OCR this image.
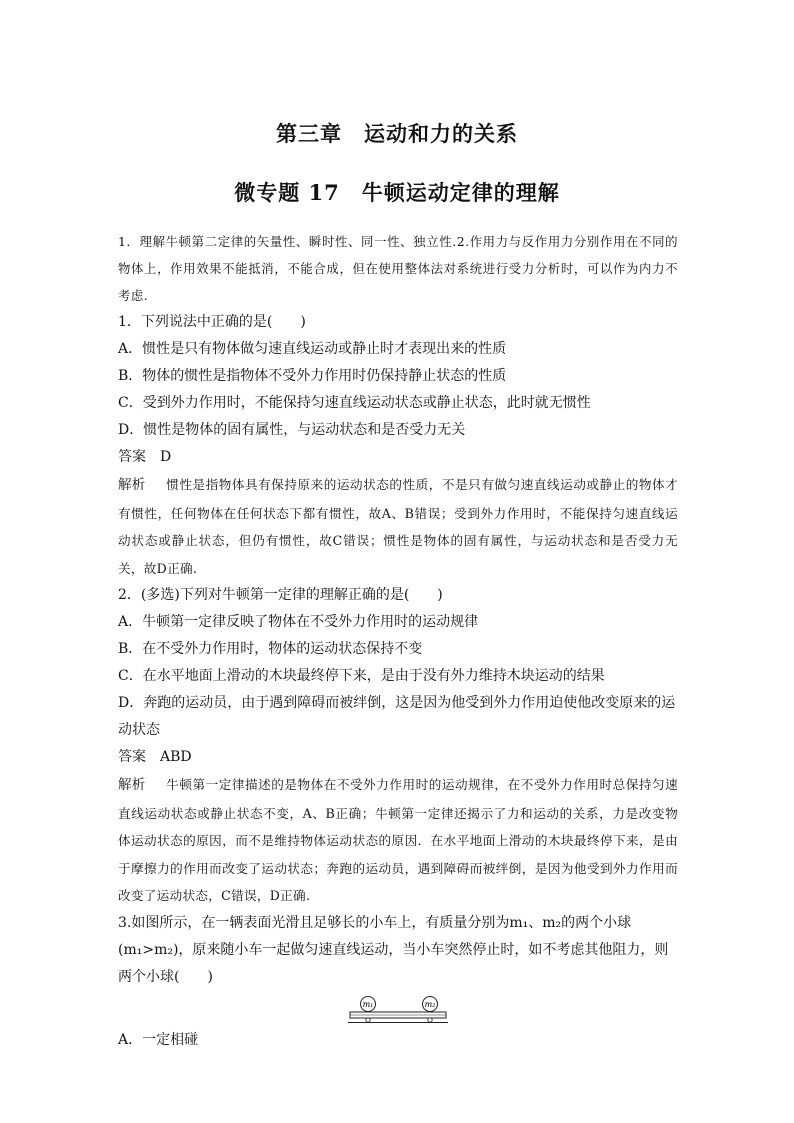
第三章　运动和力的关系
微专题 17　牛顿运动定律的理解

1．理解牛顿第二定律的矢量性、瞬时性、同一性、独立性.2.作用力与反作用力分别作用在不同的物体上，作用效果不能抵消，不能合成，但在使用整体法对系统进行受力分析时，可以作为内力不考虑.

1．下列说法中正确的是(　　)

A．惯性是只有物体做匀速直线运动或静止时才表现出来的性质

B．物体的惯性是指物体不受外力作用时仍保持静止状态的性质

C．受到外力作用时，不能保持匀速直线运动状态或静止状态，此时就无惯性

D．惯性是物体的固有属性，与运动状态和是否受力无关

答案 D

解析 惯性是指物体具有保持原来的运动状态的性质，不是只有做匀速直线运动或静止的物体才有惯性，任何物体在任何状态下都有惯性，故A、B错误；受到外力作用时，不能保持匀速直线运动状态或静止状态，但仍有惯性，故C错误；惯性是物体的固有属性，与运动状态和是否受力无关，故D正确.

2．(多选)下列对牛顿第一定律的理解正确的是(　　)

A．牛顿第一定律反映了物体在不受外力作用时的运动规律

B．在不受外力作用时，物体的运动状态保持不变

C．在水平地面上滑动的木块最终停下来，是由于没有外力维持木块运动的结果

D．奔跑的运动员，由于遇到障碍而被绊倒，这是因为他受到外力作用迫使他改变原来的运动状态

答案 ABD

解析 牛顿第一定律描述的是物体在不受外力作用时的运动规律，在不受外力作用时总保持匀速直线运动状态或静止状态不变，A、B正确；牛顿第一定律还揭示了力和运动的关系，力是改变物体运动状态的原因，而不是维持物体运动状态的原因．在水平地面上滑动的木块最终停下来，是由于摩擦力的作用而改变了运动状态；奔跑的运动员，遇到障碍而被绊倒，是因为他受到外力作用而改变了运动状态，C错误，D正确.

3.如图所示，在一辆表面光滑且足够长的小车上，有质量分别为m₁、m₂的两个小球(m₁>m₂)，原来随小车一起做匀速直线运动，当小车突然停止时，如不考虑其他阻力，则两个小球(　　)

m₁	m₂

A．一定相碰
